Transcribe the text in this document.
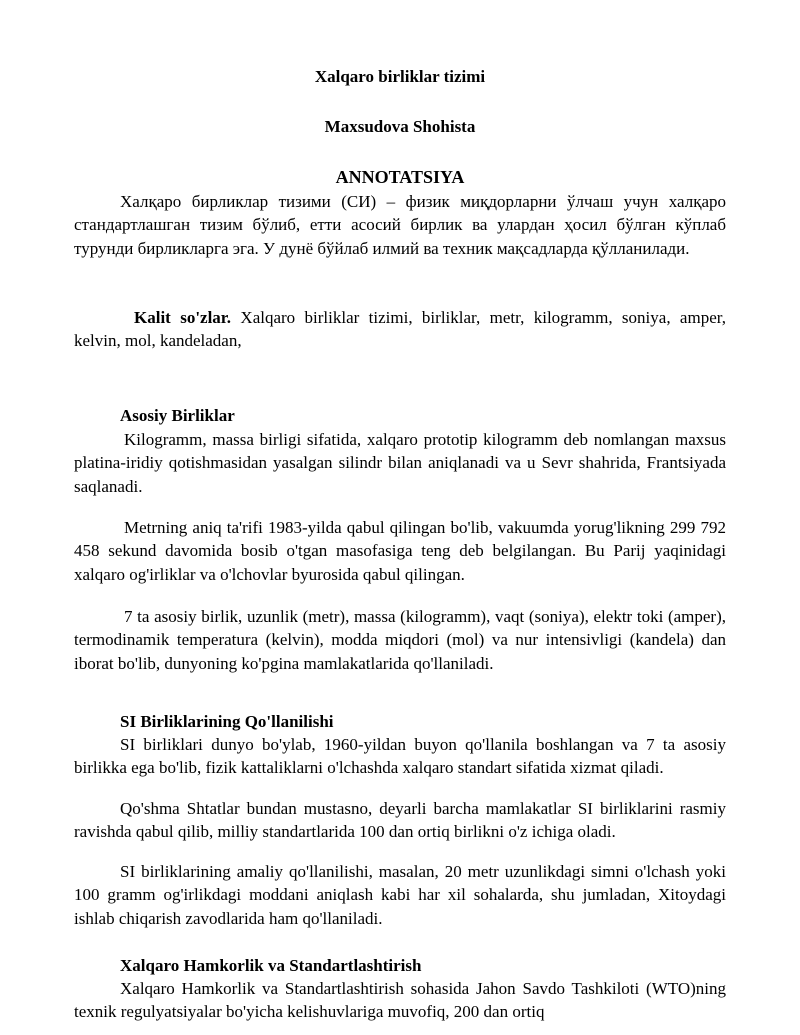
Xalqaro birliklar tizimi
Maxsudova Shohista
ANNOTATSIYA

Халқаро бирликлар тизими (СИ) – физик миқдорларни ўлчаш учун халқаро стандартлашган тизим бўлиб, етти асосий бирлик ва улардан ҳосил бўлган кўплаб турунди бирликларга эга. У дунё бўйлаб илмий ва техник мақсадларда қўлланилади.

Kalit so'zlar. Xalqaro birliklar tizimi, birliklar, metr, kilogramm, soniya, amper, kelvin, mol, kandeladan,

Asosiy Birliklar

Kilogramm, massa birligi sifatida, xalqaro prototip kilogramm deb nomlangan maxsus platina-iridiy qotishmasidan yasalgan silindr bilan aniqlanadi va u Sevr shahrida, Frantsiyada saqlanadi.

Metrning aniq ta'rifi 1983-yilda qabul qilingan bo'lib, vakuumda yorug'likning 299 792 458 sekund davomida bosib o'tgan masofasiga teng deb belgilangan. Bu Parij yaqinidagi xalqaro og'irliklar va o'lchovlar byurosida qabul qilingan.

7 ta asosiy birlik, uzunlik (metr), massa (kilogramm), vaqt (soniya), elektr toki (amper), termodinamik temperatura (kelvin), modda miqdori (mol) va nur intensivligi (kandela) dan iborat bo'lib, dunyoning ko'pgina mamlakatlarida qo'llaniladi.

SI Birliklarining Qo'llanilishi

SI birliklari dunyo bo'ylab, 1960-yildan buyon qo'llanila boshlangan va 7 ta asosiy birlikka ega bo'lib, fizik kattaliklarni o'lchashda xalqaro standart sifatida xizmat qiladi.

Qo'shma Shtatlar bundan mustasno, deyarli barcha mamlakatlar SI birliklarini rasmiy ravishda qabul qilib, milliy standartlarida 100 dan ortiq birlikni o'z ichiga oladi.

SI birliklarining amaliy qo'llanilishi, masalan, 20 metr uzunlikdagi simni o'lchash yoki 100 gramm og'irlikdagi moddani aniqlash kabi har xil sohalarda, shu jumladan, Xitoydagi ishlab chiqarish zavodlarida ham qo'llaniladi.

Xalqaro Hamkorlik va Standartlashtirish

Xalqaro Hamkorlik va Standartlashtirish sohasida Jahon Savdo Tashkiloti (WTO)ning texnik regulyatsiyalar bo'yicha kelishuvlariga muvofiq, 200 dan ortiq
